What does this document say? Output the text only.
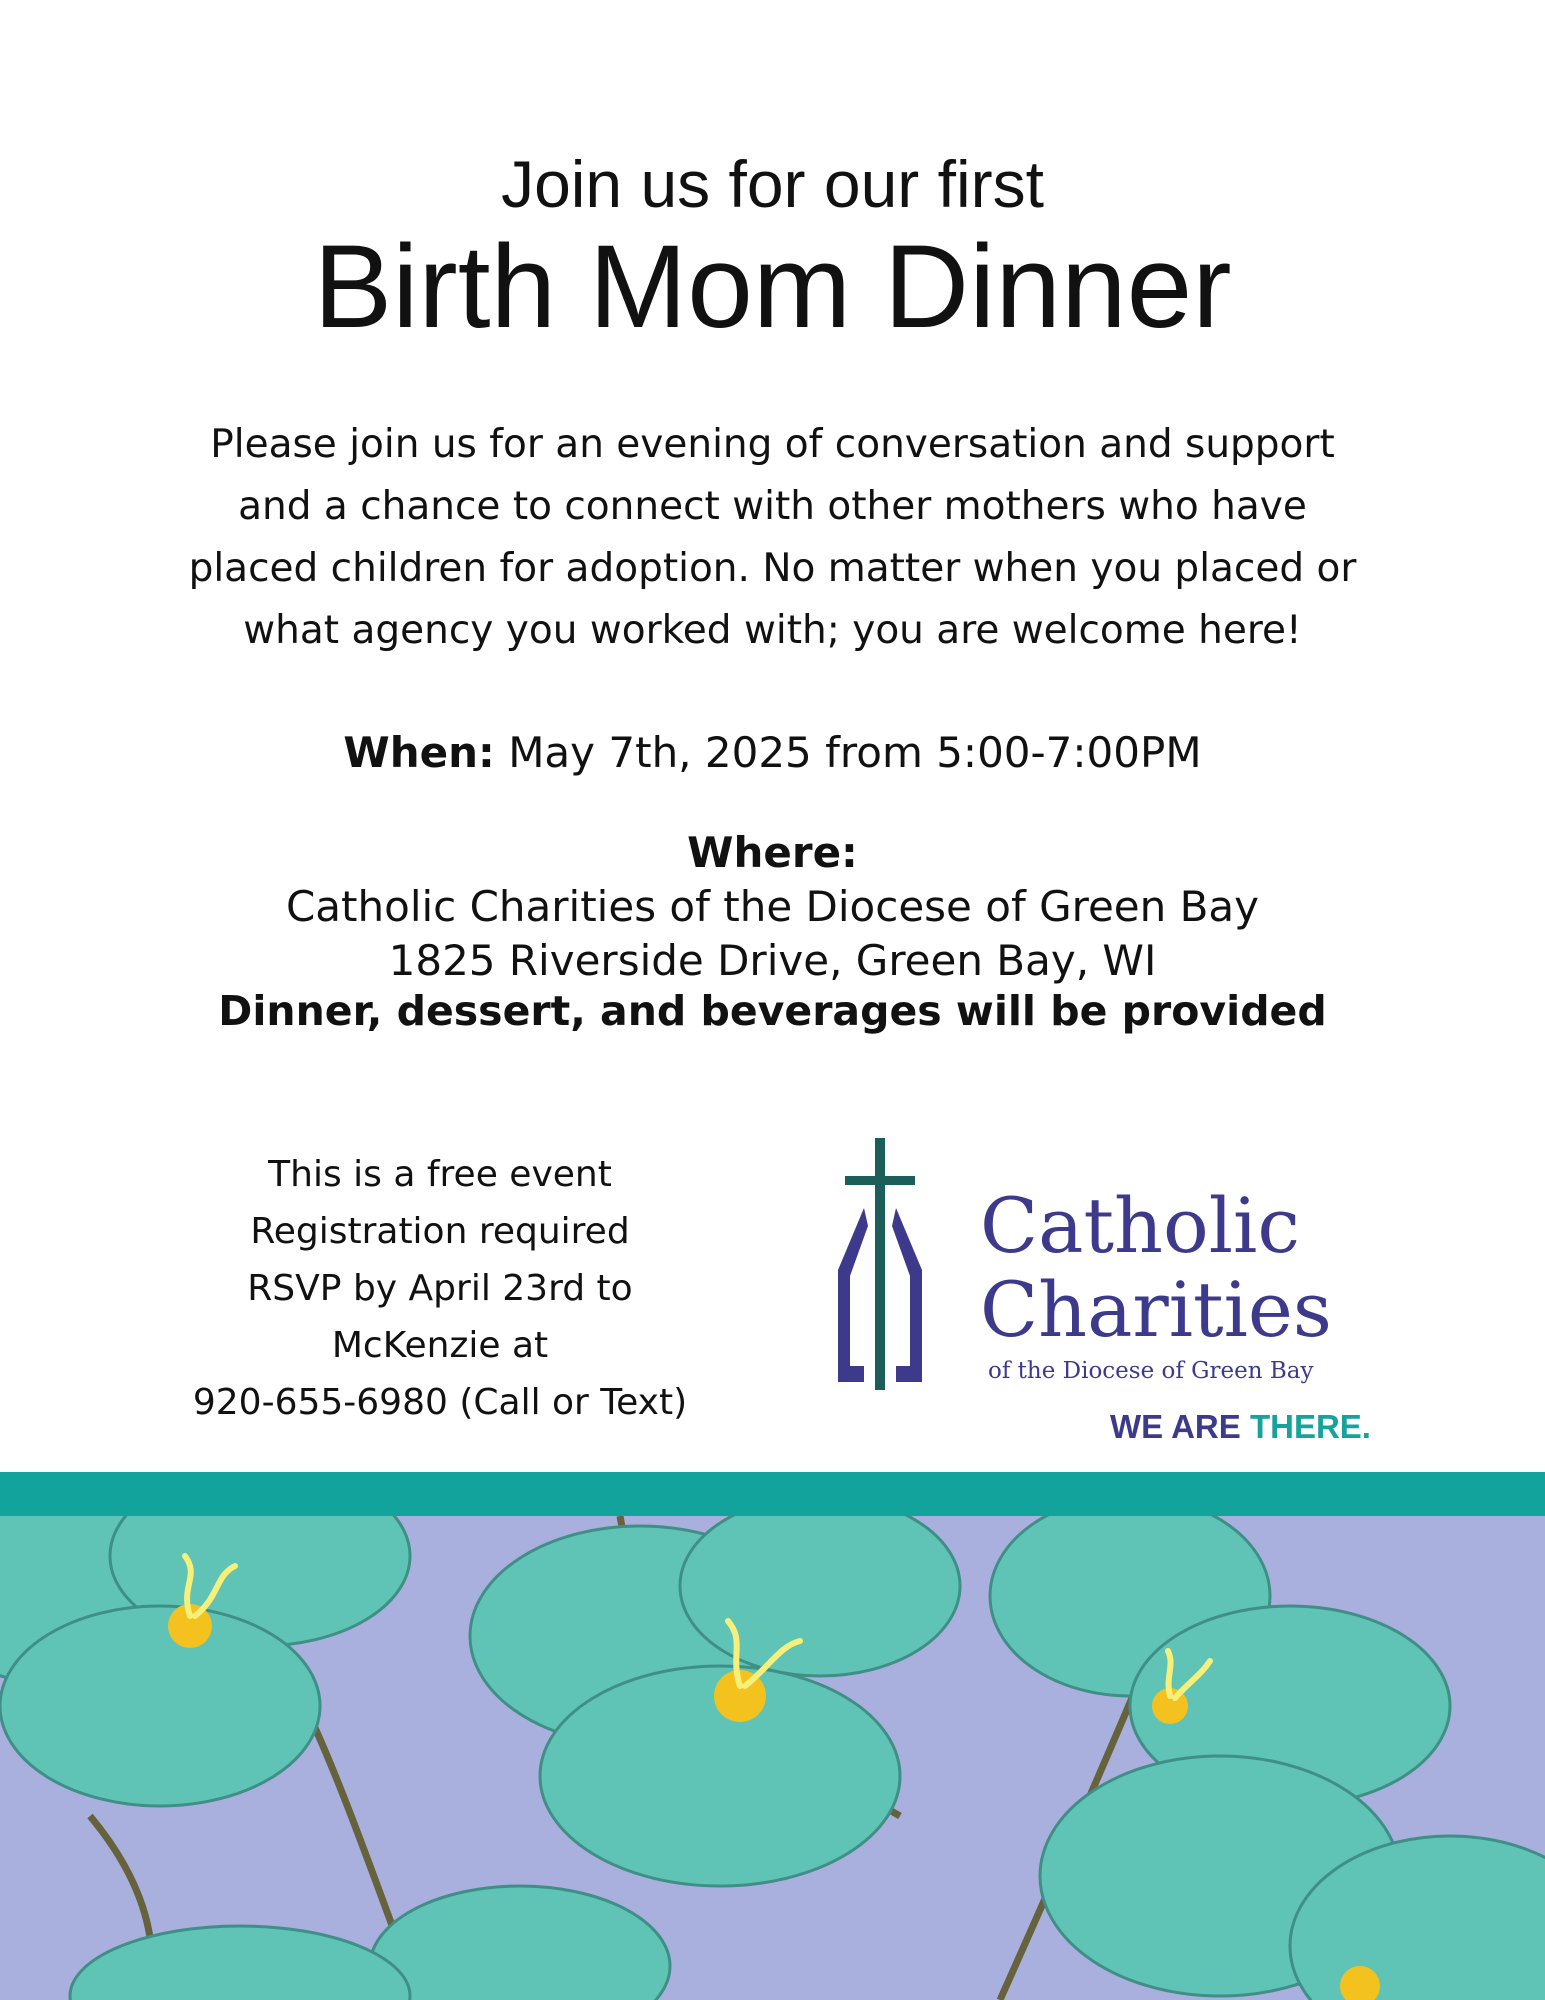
Join us for our first
Birth Mom Dinner
Please join us for an evening of conversation and support
and a chance to connect with other mothers who have
placed children for adoption. No matter when you placed or
what agency you worked with; you are welcome here!
When: May 7th, 2025 from 5:00-7:00PM
Where:
Catholic Charities of the Diocese of Green Bay
1825 Riverside Drive, Green Bay, WI
Dinner, dessert, and beverages will be provided
This is a free event
Registration required
RSVP by April 23rd to
McKenzie at
920-655-6980 (Call or Text)
Catholic
Charities
of the Diocese of Green Bay
WE ARE THERE.
